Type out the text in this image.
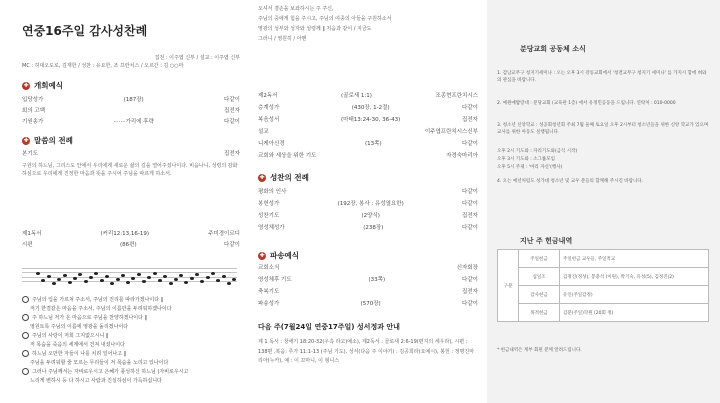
연중16주일 감사성찬례
집전 : 이주엽 신부 / 설교 : 이주엽 신부
MC : 허대오도로, 김재한 / 성찬 : 유요한, 조 프란치스 / 오르간 : 김 ○○마
✚ 개회예식
입당성가	(187장)	다같이
회의 고백	집전자
기원송가	·······가리에 후략	다같이
✚ 말씀의 전례
본기도	집전자
구원의 하느님, 그리스도 안에서 우리에게 새로운 삶의 길을 열어주셨나이다. 비옵나니, 성령의 감화하심으로 우리에게 진정한 마음과 뜻을 주시어 주님을 따르게 하소서.
제1독서	(커리12:13,16-19)	주미경이르디
시편	(86편)	다같이
주님의 입을 가르쳐 주소서, 주님의 진리를 따라가겠나이다 ‖
저기 한결같은 마음을 주소서, 주님의 이름만을 두려워하겠나이다
주 하느님 저가 온 마음으로 주님을 찬양하겠나이다 ‖
영원토록 주님의 이름에 영광을 돌리겠나이다
주님의 사랑이 저희 그지없으시니 ‖
저 목숨을 죽음의 세계에서 건져 내셨나이다
하느님 오만한 자들이 나를 치려 일어나고 ‖
주님을 두려워할 줄 모르는 무리들이 저 목숨을 노리고 있나이다
그러나 주님께서는 자비로우시고 은혜가 풍성하신 하느님 (자비로우시고
느리게 변하시 등 다 하시고 사람과 진실하심이 가득하십니다
오셔서 겸손을 보좌하시는 주 주신,
주님의 중에게 힘을 주시고, 주님의 여종의 아들을 구원하소서
영광의 성부와 성자와 성령께 ‖ 처음과 같이 / 지금도
그러니 / 영원히 / 아멘
제2독서	(골로새 1:1)	조종현프란치시스
층계성가	(430장, 1-2절)	다같이
복음성서	(마태13:24-30, 36-43)	집전자
설교	이주엽프란치시스신부
니케아신경	(13쪽)	다같이
교회와 세상을 위한 기도	자경숙마리아
✚ 성찬의 전례
평화의 인사	다같이
봉헌성가	(192장, 봉사 : 유성열요한)	다같이
성찬기도	(2양식)	집전자
영성체성가	(238장)	다같이
✚ 파송예식
교회소식	신자회장
영성체후 기도	(33쪽)	다같이
축복기도	집전자
파송성가	(570장)	다같이
다음 주(7월24일 연중17주일) 성서정과 안내
제 1 독서 : 창세기 18:20-32(우측 라고)예소), 제2독서 : 골로새 2:6-19(편지의 세우라), 시편 : 138편 ,복음: 루가 11:1-13 (주님 기도), 성서(다음 주 이야기) : 김공희라(요예시), 봉헌 : 정명진마리아(누카), 예 : 이 꼬마니, 이 형니스
분당교회 공동체 소식
1. 감남교무구 청지기세미나 : 오는 오후 3시 강동교회에서 '청결교무구 청지기 세미나' 를 가지시 함에 혀와의 관심을 바랍니다.
2. 예원예밥랑대 : 분당교회 (교육관 1층) 에서 유정민공동을 드립니다. 연락처 : 010-0000
3. 청소년 신앙학교 : 성공회청년회 주최 7월 둘째 토요일 오후 2시부터 청소년들을 위한 신앙 학교가 있으며 교사를 위한 아동도 실행됩니다.
오후 2시 기도와 : 자리기도와(금식 시작)
오후 3시 기도와 : 소그룹모임
오후 5시 주제 : '마리 자신'(행사)
4. 오는 예년처럼도 성가대 청소년 및 교우 분들의 함께해 주시길 바랍니다.
지난 주 헌금내역
구분	주일헌금	주일헌금 교우들, 주일적교
	십일조	김정진(정성), 봉충석 (이원), 박기숙, 유성(5), 김정진(2)
	감사헌금	유인(주일감정)
	목적헌금	김분(주일)학원 (20회 정)
* 헌금내역은 계부 회원 분께 알려드립니다.
